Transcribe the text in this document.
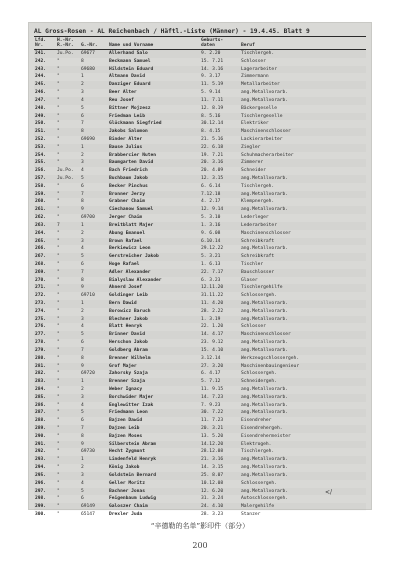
AL Gross-Rosen - AL Reichenbach / Häftl.-Liste (Männer) - 19.4.45. Blatt 9
Lfd.
Nr.	H.-Nr.
R.-Nr.	G.-Nr.	Name und Vorname	Geburts-
daten	Beruf
241.	Ju.Po.	69677	Allerhand Salo	9. 2.20	Tischlergeh.
242.	"	8	Beckmann Samuel	15. 7.21	Schlosser
243.	"	69680	Hildstein Eduard	14. 3.16	Lagerarbeiter
244.	"	1	Altmann David	9. 3.17	Zimmermann
245.	"	2	Danziger Eduard	11. 5.19	Metallarbeiter
246.	"	3	Beer Alter	5. 9.14	ang.Metallvorarb.
247.	"	4	Reu Josef	11. 7.11	ang.Metallvorarb.
248.	"	5	Bittner Mojzesz	12. 8.19	Bäckergeselle
249.	"	6	Friedman Leib	8. 5.16	Tischlergeselle
250.	"	7	Glückmann Siegfried	30.12.14	Elektriker
251.	"	8	Jakobs Salomon	8. 4.15	Maschinenschlosser
252.	"	69690	Binder Alter	21. 5.16	Lackierarbeiter
253.	"	1	Bause Julius	22. 6.18	Ziegler
254.	"	2	Brabbercier Nuten	19. 7.21	Schuhmacherarbeiter
255.	"	3	Baumgarten David	20. 3.16	Zimmerer
256.	Ju.Po.	4	Bach Friedrich	20. 4.09	Schneider
257.	Ju.Po.	5	Buchbaum Jakob	12. 3.15	ang.Metallvorarb.
258.	"	6	Becker Pinchus	6. 6.14	Tischlergeh.
259.	"	7	Bronner Jerzy	7.12.18	ang.Metallvorarb.
260.	"	8	Grabner Chaim	4. 2.17	Klempnergeh.
261.	"	9	Ciechanow Samuel	12. 9.14	ang.Metallvorarb.
262.	"	69700	Jerger Chaim	5. 3.10	Lederleger
263.	7	1	Breitblatt Majer	1. 3.16	Lederarbeiter
264.	"	2	Abung Emanuel	9. 6.08	Maschinenschlosser
265.	"	3	Brown Rafael	6.10.14	Schreibkraft
266.	"	4	Berkiewicz Leon	29.12.22	ang.Metallvorarb.
267.	"	5	Gerstreicher Jakob	5. 3.21	Schreibkraft
268.	"	6	Hoge Rafael	1. 6.13	Tischler
269.	"	7	Adler Alexander	22. 7.17	Bauschlosser
270.	"	8	Bialyslaw Alexander	6. 3.23	Glaser
271.	"	9	Ahnerd Josef	12.11.20	Tischlergehilfe
272.	"	69710	Goldinger Leib	31.11.22	Schlossergeh.
273.	"	1	Bern Dawid	11. 4.20	ang.Metallvorarb.
274.	"	2	Borowicz Baruch	28. 2.22	ang.Metallvorarb.
275.	"	3	Blechner Jakob	1. 3.19	ang.Metallvorarb.
276.	"	4	Blatt Henryk	22. 1.20	Schlosser
277.	"	5	Brinner David	14. 4.17	Maschinenschlosser
278.	"	6	Herschon Jakob	23. 9.12	ang.Metallvorarb.
279.	"	7	Goldberg Abram	15. 4.10	ang.Metallvorarb.
280.	"	8	Brenner Wilhelm	3.12.14	Werkzeugschlossergeh.
281.	"	9	Grof Majer	27. 3.20	Maschinenbauingenieur
282.	"	69720	Zahorsky Szaja	6. 4.17	Schlossergeh.
283.	"	1	Brenner Szaja	5. 7.12	Schneidergeh.
284.	"	2	Weber Ignacy	11. 9.15	ang.Metallvorarb.
285.	"	3	Borchwider Majer	14. 7.23	ang.Metallvorarb.
286.	"	4	Englewitter Izak	7. 9.23	ang.Metallvorarb.
287.	"	5	Friedmann Leon	30. 7.22	ang.Metallvorarb.
288.	"	6	Bajzen Dawid	11. 7.23	Eisendreher
289.	"	7	Dajzen Leib	20. 3.21	Eisendrehergeh.
290.	"	8	Bajzen Moses	13. 5.20	Eisendrehermeister
291.	"	9	Silberstein Abram	14.12.20	Elektrogeh.
292.	"	69730	Hecht Zygmunt	28.12.08	Tischlergeh.
293.	"	1	Lindenfeld Henryk	21. 3.16	ang.Metallvorarb.
294.	"	2	König Jakob	14. 3.15	ang.Metallvorarb.
295.	"	3	Goldstein Bernard	25. 8.07	ang.Metallvorarb.
296.	"	4	Geller Moritz	10.12.08	Schlossergeh.
297.	"	5	Bachner Jonas	12. 6.20	ang.Metallvorarb.
298.	"	6	Feigenbaum Ludwig	31. 3.24	Autoschlossergeh.
299.	"	69149	Galoszer Chaim	24. 4.10	Malergehilfe
300.	"	65147	Drexler Juda	28. 3.23	Stanzer
</
“辛德勒的名单”影印件（部分）
200
